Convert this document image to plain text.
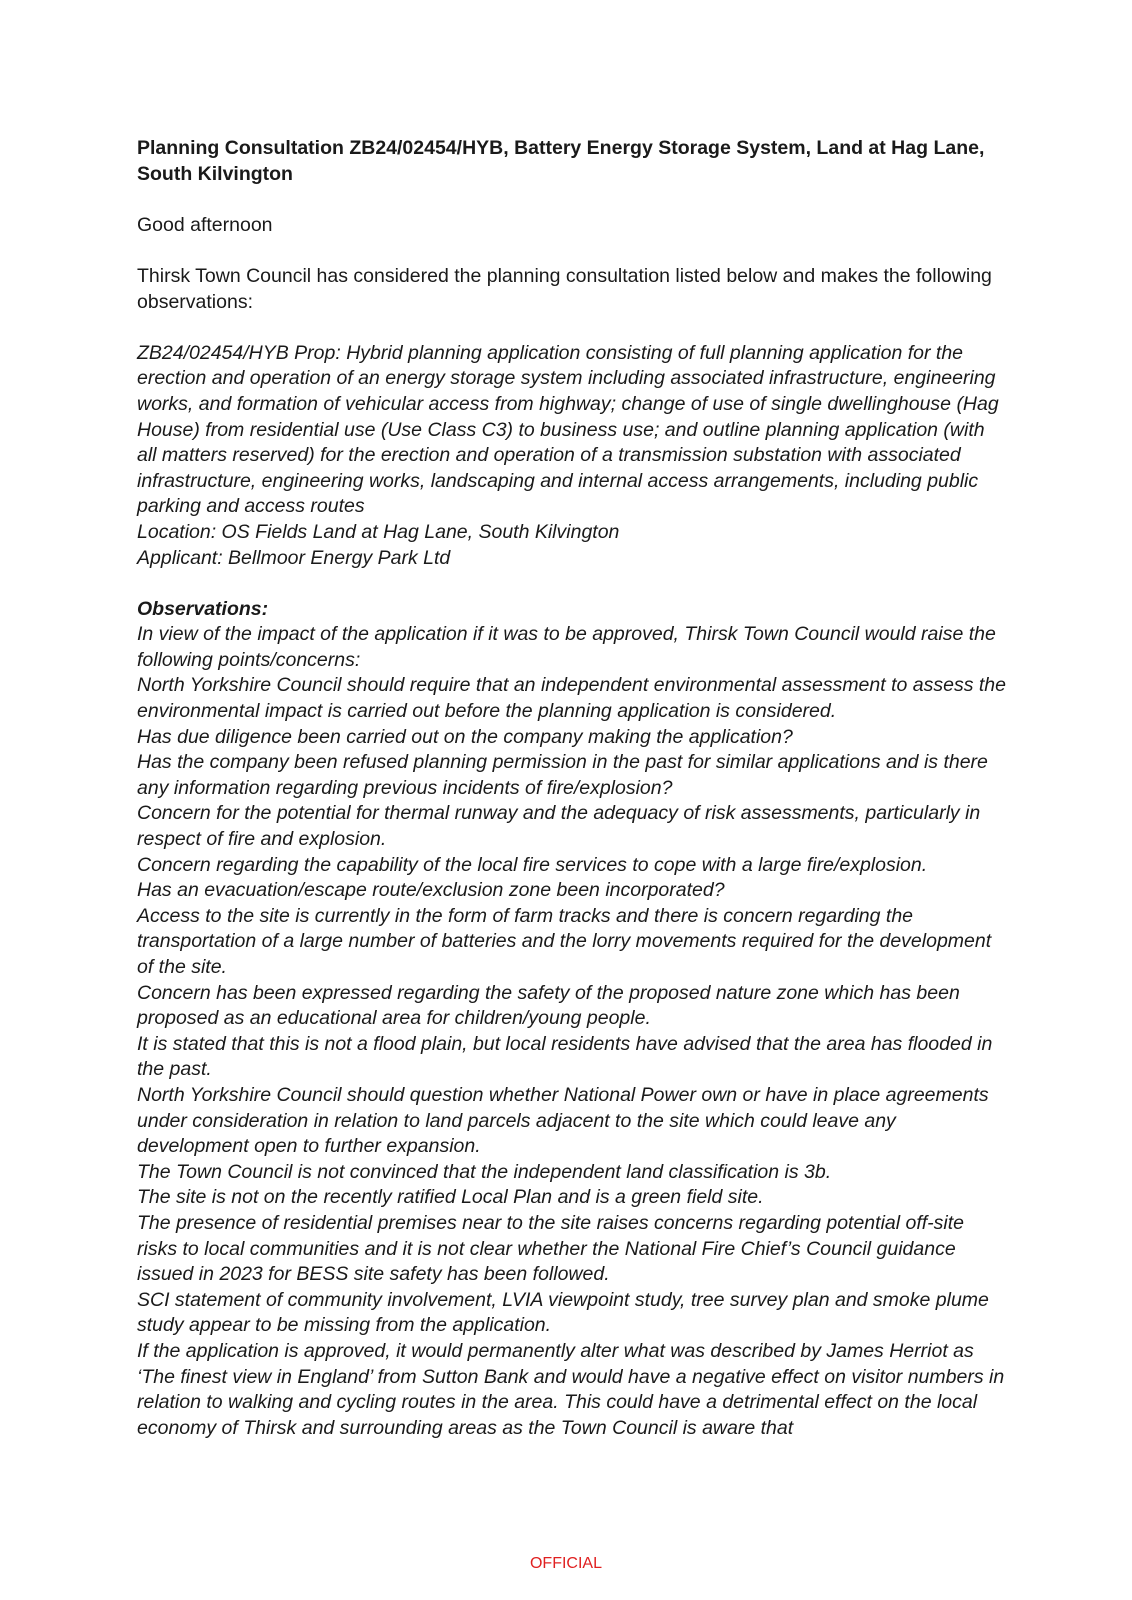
Planning Consultation ZB24/02454/HYB, Battery Energy Storage System, Land at Hag Lane, South Kilvington

Good afternoon

Thirsk Town Council has considered the planning consultation listed below and makes the following observations:

ZB24/02454/HYB Prop: Hybrid planning application consisting of full planning application for the erection and operation of an energy storage system including associated infrastructure, engineering works, and formation of vehicular access from highway; change of use of single dwellinghouse (Hag House) from residential use (Use Class C3) to business use; and outline planning application (with all matters reserved) for the erection and operation of a transmission substation with associated infrastructure, engineering works, landscaping and internal access arrangements, including public parking and access routes

Location: OS Fields Land at Hag Lane, South Kilvington

Applicant: Bellmoor Energy Park Ltd

Observations:

In view of the impact of the application if it was to be approved, Thirsk Town Council would raise the following points/concerns:

North Yorkshire Council should require that an independent environmental assessment to assess the environmental impact is carried out before the planning application is considered.

Has due diligence been carried out on the company making the application?

Has the company been refused planning permission in the past for similar applications and is there any information regarding previous incidents of fire/explosion?

Concern for the potential for thermal runway and the adequacy of risk assessments, particularly in respect of fire and explosion.

Concern regarding the capability of the local fire services to cope with a large fire/explosion.

Has an evacuation/escape route/exclusion zone been incorporated?

Access to the site is currently in the form of farm tracks and there is concern regarding the transportation of a large number of batteries and the lorry movements required for the development of the site.

Concern has been expressed regarding the safety of the proposed nature zone which has been proposed as an educational area for children/young people.

It is stated that this is not a flood plain, but local residents have advised that the area has flooded in the past.

North Yorkshire Council should question whether National Power own or have in place agreements under consideration in relation to land parcels adjacent to the site which could leave any development open to further expansion.

The Town Council is not convinced that the independent land classification is 3b.

The site is not on the recently ratified Local Plan and is a green field site.

The presence of residential premises near to the site raises concerns regarding potential off-site risks to local communities and it is not clear whether the National Fire Chief’s Council guidance issued in 2023 for BESS site safety has been followed.

SCI statement of community involvement, LVIA viewpoint study, tree survey plan and smoke plume study appear to be missing from the application.

If the application is approved, it would permanently alter what was described by James Herriot as ‘The finest view in England’ from Sutton Bank and would have a negative effect on visitor numbers in relation to walking and cycling routes in the area. This could have a detrimental effect on the local economy of Thirsk and surrounding areas as the Town Council is aware that

OFFICIAL
